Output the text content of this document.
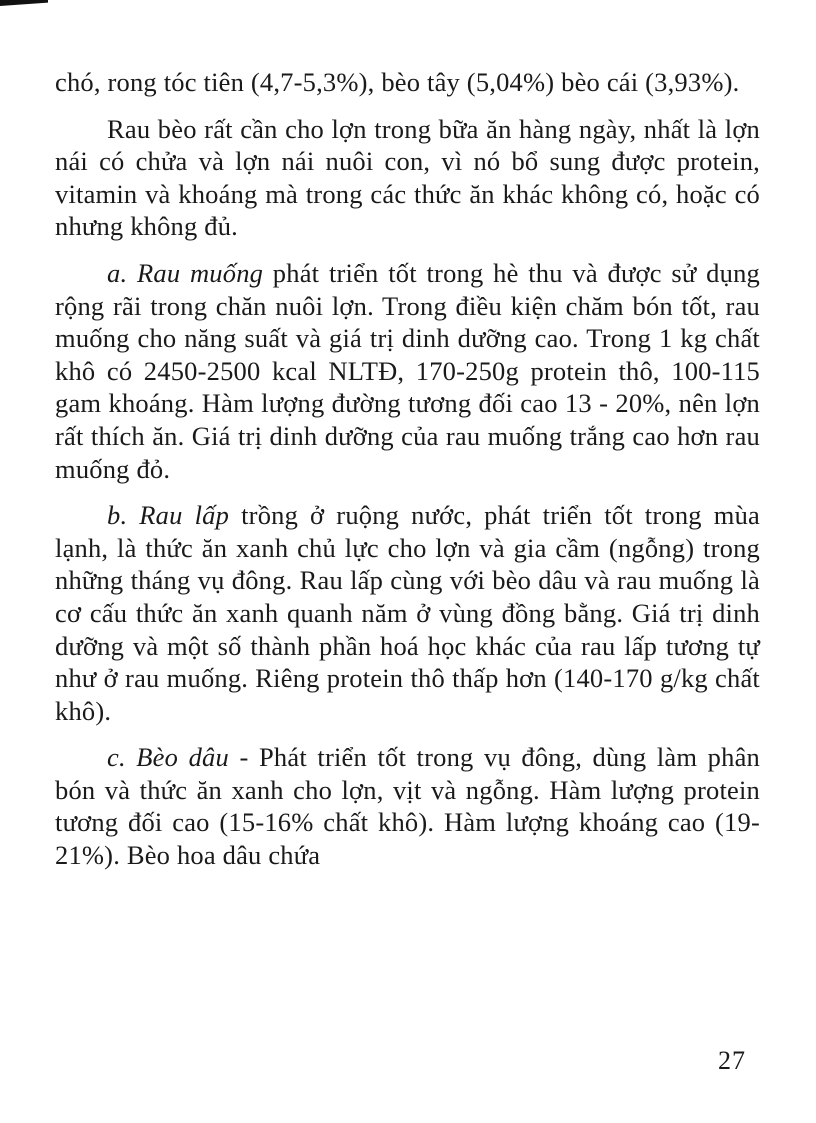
chó, rong tóc tiên (4,7-5,3%), bèo tây (5,04%) bèo cái (3,93%).

Rau bèo rất cần cho lợn trong bữa ăn hàng ngày, nhất là lợn nái có chửa và lợn nái nuôi con, vì nó bổ sung được protein, vitamin và khoáng mà trong các thức ăn khác không có, hoặc có nhưng không đủ.

a. Rau muống phát triển tốt trong hè thu và được sử dụng rộng rãi trong chăn nuôi lợn. Trong điều kiện chăm bón tốt, rau muống cho năng suất và giá trị dinh dưỡng cao. Trong 1 kg chất khô có 2450-2500 kcal NLTĐ, 170-250g protein thô, 100-115 gam khoáng. Hàm lượng đường tương đối cao 13 - 20%, nên lợn rất thích ăn. Giá trị dinh dưỡng của rau muống trắng cao hơn rau muống đỏ.

b. Rau lấp trồng ở ruộng nước, phát triển tốt trong mùa lạnh, là thức ăn xanh chủ lực cho lợn và gia cầm (ngỗng) trong những tháng vụ đông. Rau lấp cùng với bèo dâu và rau muống là cơ cấu thức ăn xanh quanh năm ở vùng đồng bằng. Giá trị dinh dưỡng và một số thành phần hoá học khác của rau lấp tương tự như ở rau muống. Riêng protein thô thấp hơn (140-170 g/kg chất khô).

c. Bèo dâu - Phát triển tốt trong vụ đông, dùng làm phân bón và thức ăn xanh cho lợn, vịt và ngỗng. Hàm lượng protein tương đối cao (15-16% chất khô). Hàm lượng khoáng cao (19-21%). Bèo hoa dâu chứa

27
